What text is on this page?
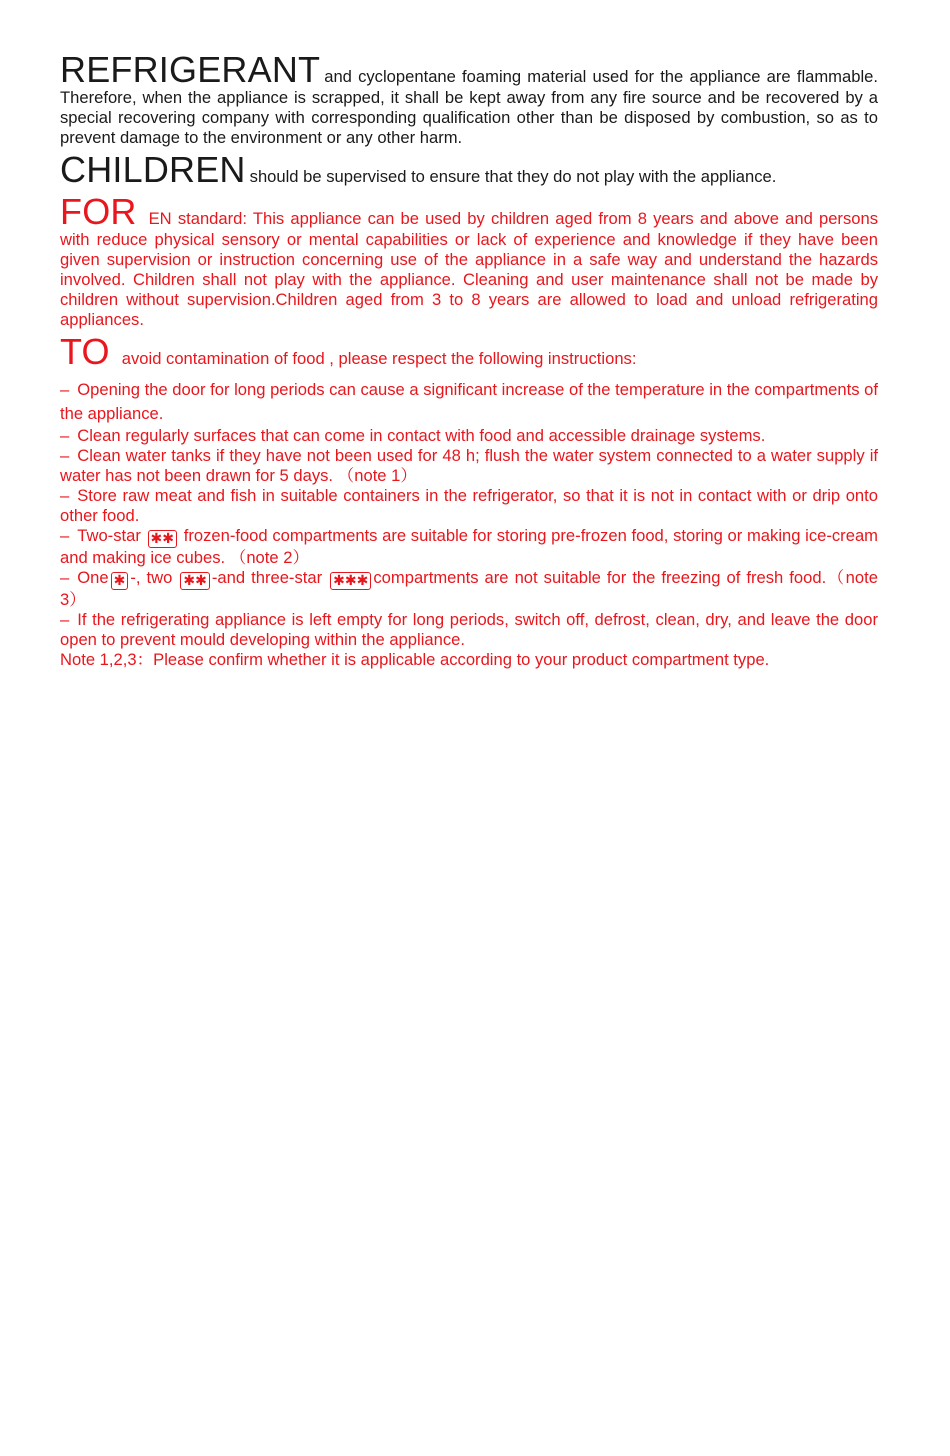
REFRIGERANT and cyclopentane foaming material used for the appliance are flammable. Therefore, when the appliance is scrapped, it shall be kept away from any fire source and be recovered by a special recovering company with corresponding qualification other than be disposed by combustion, so as to prevent damage to the environment or any other harm.

CHILDREN should be supervised to ensure that they do not play with the appliance.

FOR EN standard: This appliance can be used by children aged from 8 years and above and persons with reduce physical sensory or mental capabilities or lack of experience and knowledge if they have been given supervision or instruction concerning use of the appliance in a safe way and understand the hazards involved. Children shall not play with the appliance. Cleaning and user maintenance shall not be made by children without supervision.Children aged from 3 to 8 years are allowed to load and unload refrigerating appliances.

TO avoid contamination of food , please respect the following instructions:

– Opening the door for long periods can cause a significant increase of the temperature in the compartments of the appliance.

– Clean regularly surfaces that can come in contact with food and accessible drainage systems.

– Clean water tanks if they have not been used for 48 h; flush the water system connected to a water supply if water has not been drawn for 5 days. （note 1）

– Store raw meat and fish in suitable containers in the refrigerator, so that it is not in contact with or drip onto other food.

– Two-star ✱✱ frozen-food compartments are suitable for storing pre-frozen food, storing or making ice-cream and making ice cubes. （note 2）

– One ✱ -, two ✱✱ -and three-star ✱✱✱ compartments are not suitable for the freezing of fresh food.（note 3）

– If the refrigerating appliance is left empty for long periods, switch off, defrost, clean, dry, and leave the door open to prevent mould developing within the appliance.

Note 1,2,3：Please confirm whether it is applicable according to your product compartment type.
